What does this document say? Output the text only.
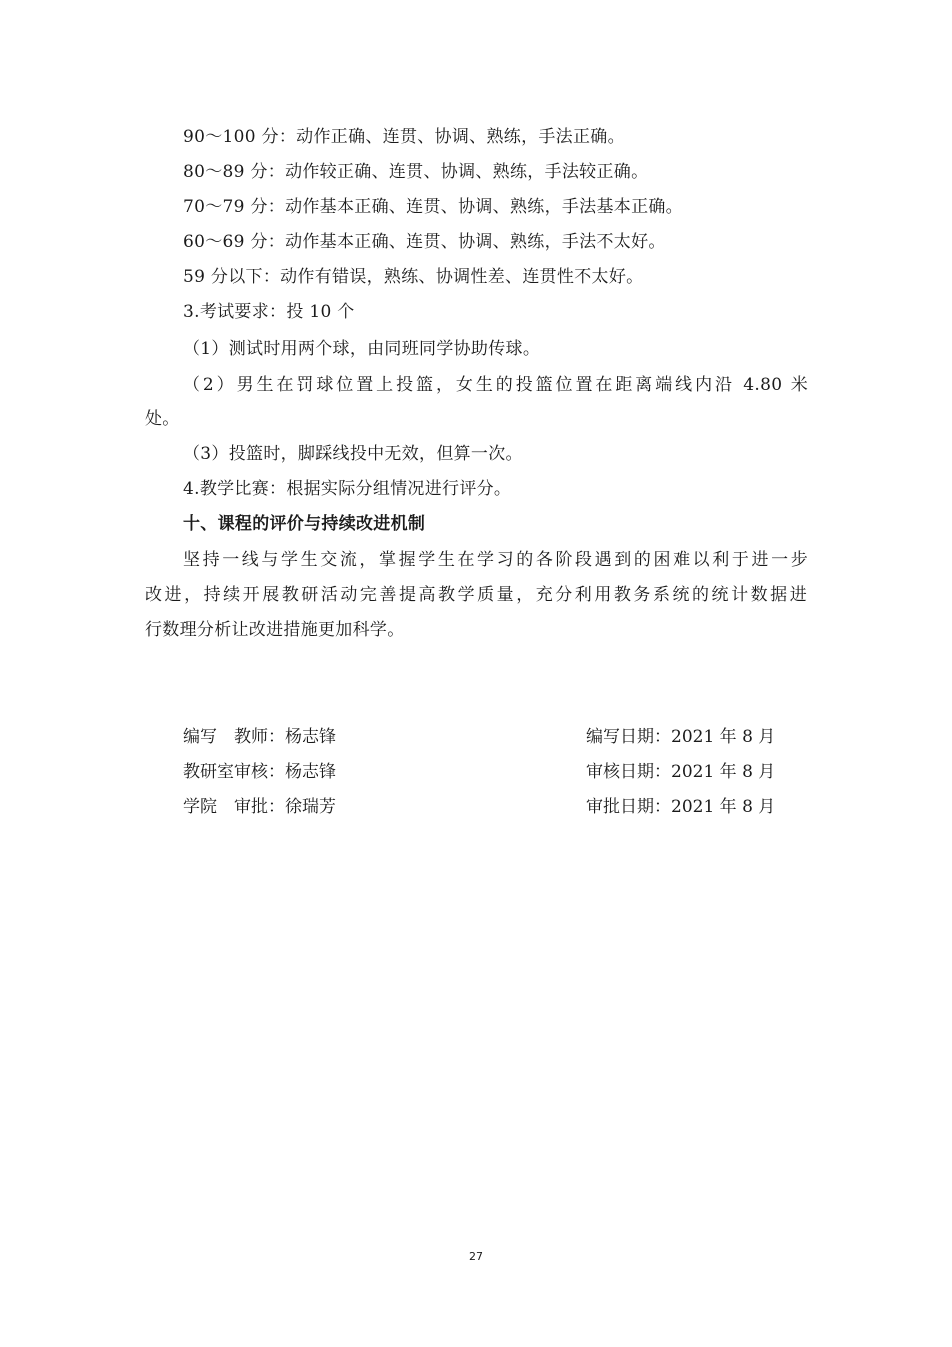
90～100 分：动作正确、连贯、协调、熟练，手法正确。
80～89 分：动作较正确、连贯、协调、熟练，手法较正确。
70～79 分：动作基本正确、连贯、协调、熟练，手法基本正确。
60～69 分：动作基本正确、连贯、协调、熟练，手法不太好。
59 分以下：动作有错误，熟练、协调性差、连贯性不太好。
3.考试要求：投 10 个
（1）测试时用两个球，由同班同学协助传球。
（2）男生在罚球位置上投篮，女生的投篮位置在距离端线内沿 4.80 米
处。
（3）投篮时，脚踩线投中无效，但算一次。
4.教学比赛：根据实际分组情况进行评分。
十、课程的评价与持续改进机制
坚持一线与学生交流，掌握学生在学习的各阶段遇到的困难以利于进一步
改进，持续开展教研活动完善提高教学质量，充分利用教务系统的统计数据进
行数理分析让改进措施更加科学。
编写　教师：杨志锋	编写日期：2021 年 8 月
教研室审核：杨志锋	审核日期：2021 年 8 月
学院　审批：徐瑞芳	审批日期：2021 年 8 月
27
